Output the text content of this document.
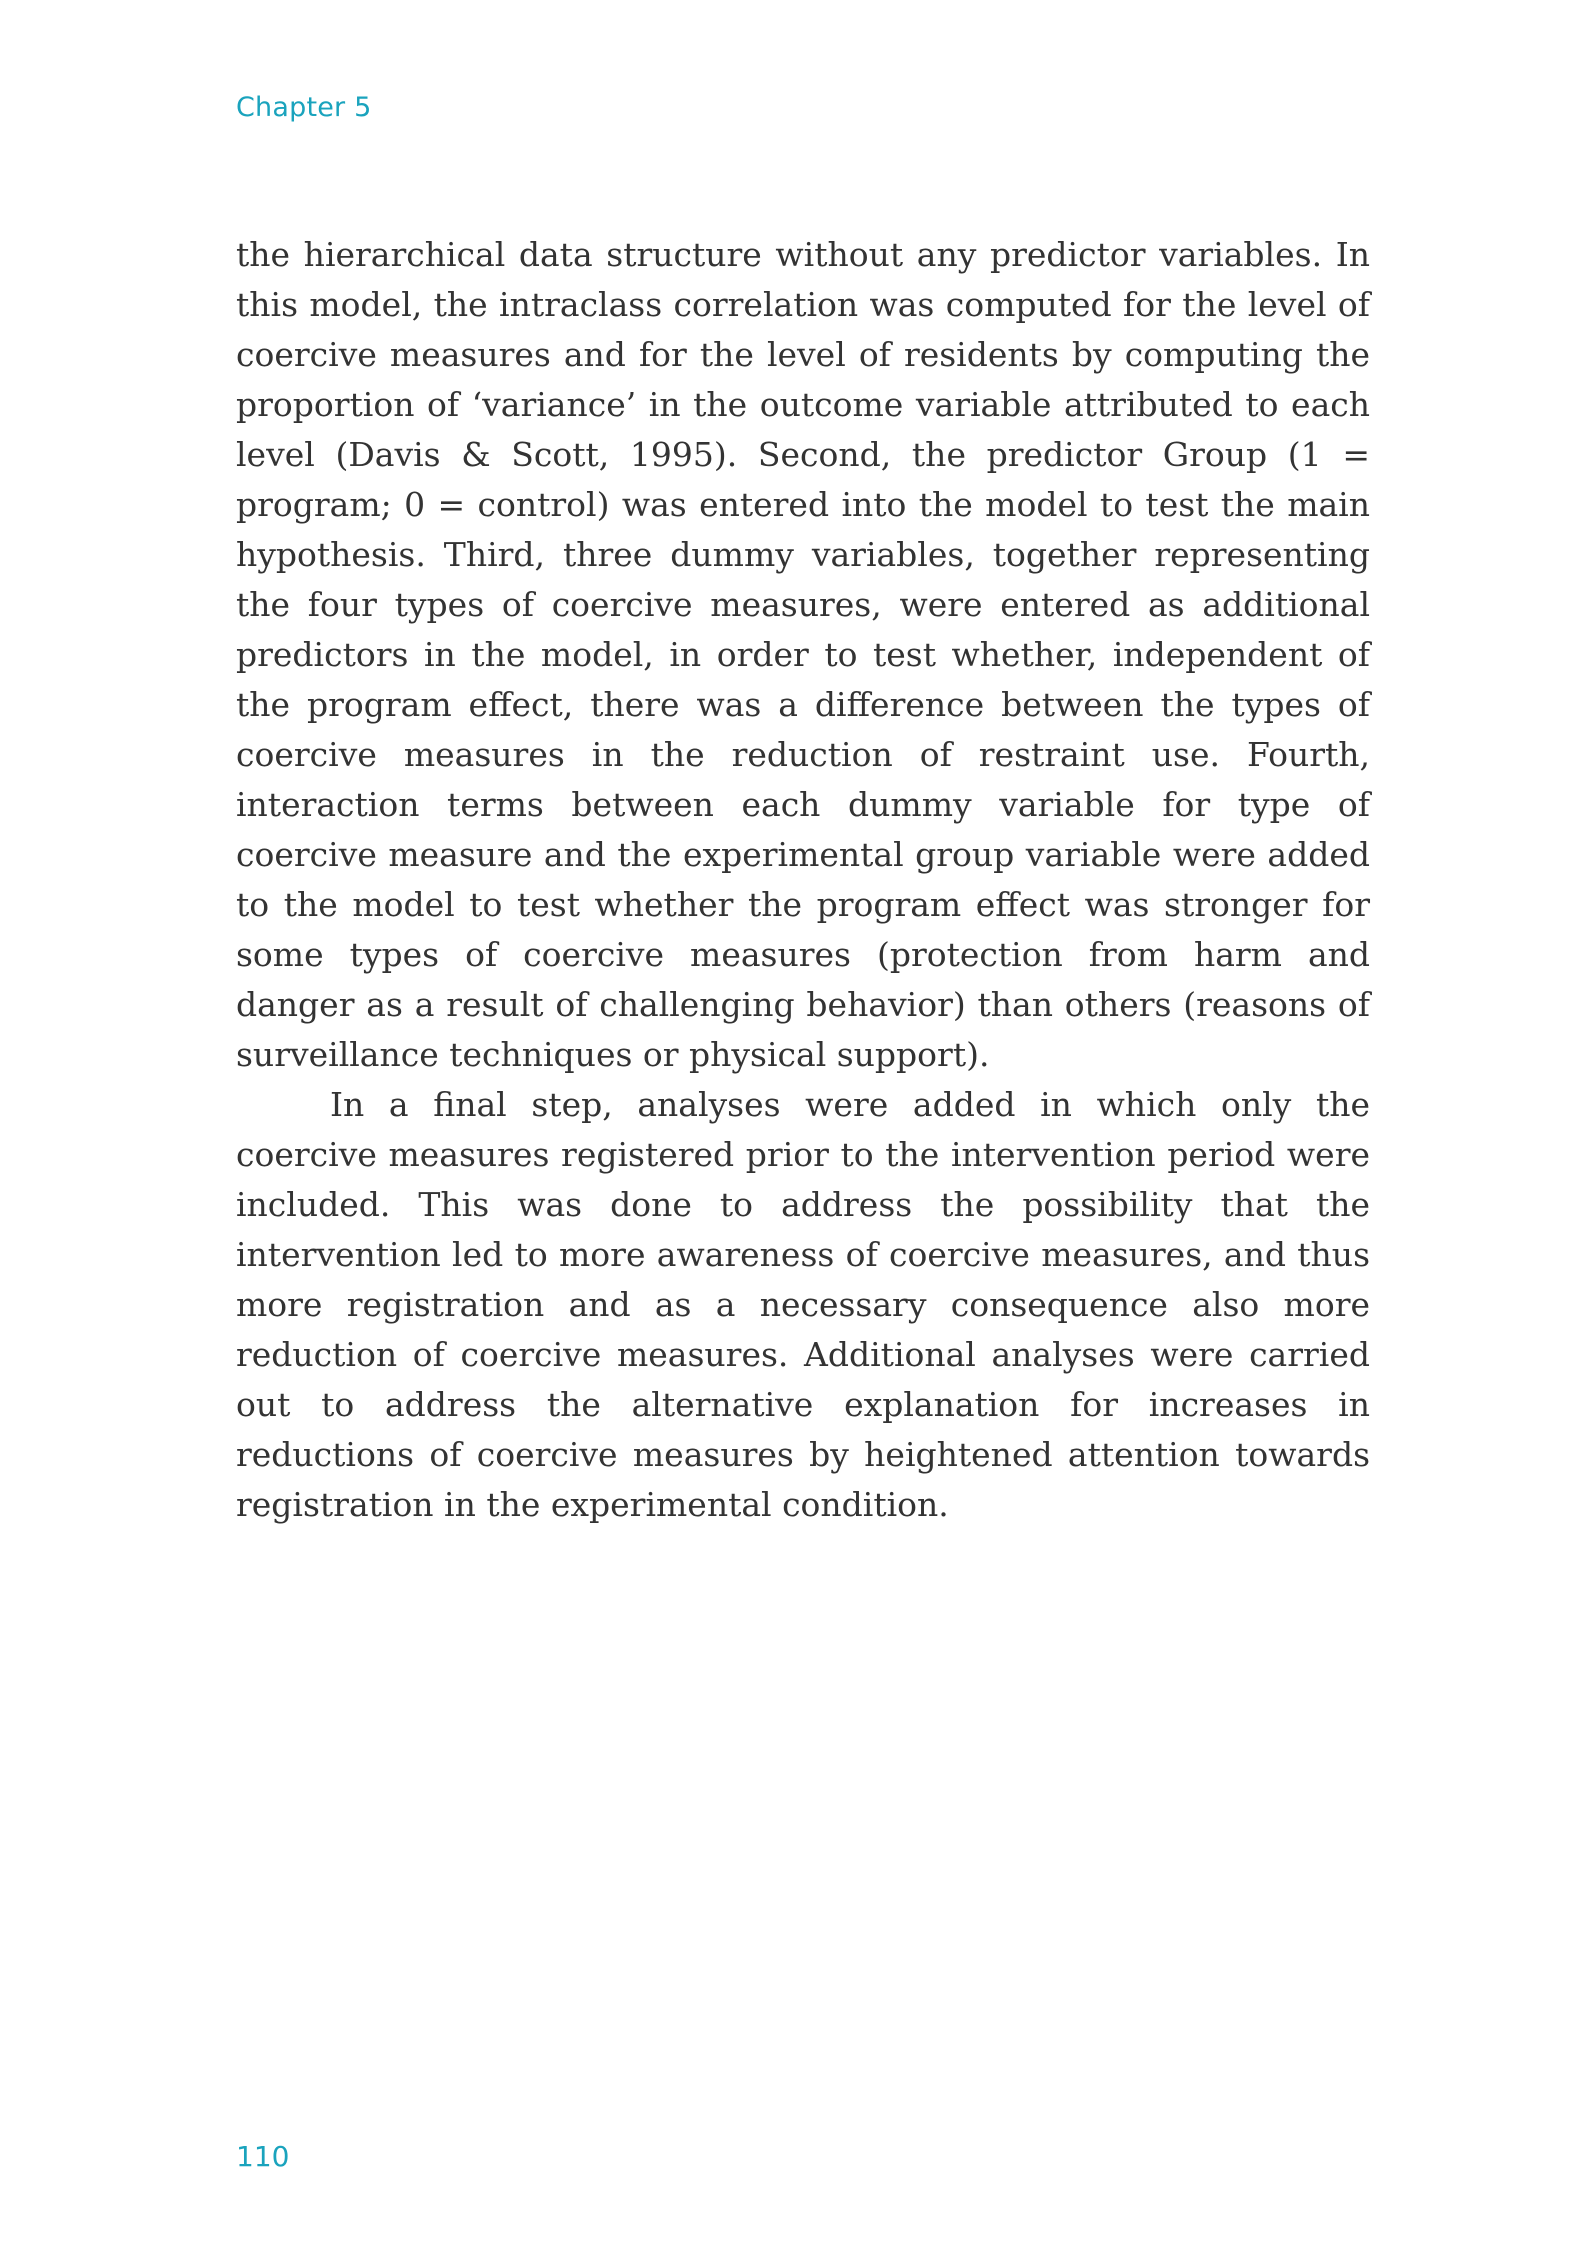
Chapter 5

the hierarchical data structure without any predictor variables. In this model, the intraclass correlation was computed for the level of coercive measures and for the level of residents by computing the proportion of ‘variance’ in the outcome variable attributed to each level (Davis & Scott, 1995). Second, the predictor Group (1 = program; 0 = control) was entered into the model to test the main hypothesis. Third, three dummy variables, together representing the four types of coercive measures, were entered as additional predictors in the model, in order to test whether, independent of the program effect, there was a difference between the types of coercive measures in the reduction of restraint use. Fourth, interaction terms between each dummy variable for type of coercive measure and the experimental group variable were added to the model to test whether the program effect was stronger for some types of coercive measures (protection from harm and danger as a result of challenging behavior) than others (reasons of surveillance techniques or physical support).

In a final step, analyses were added in which only the coercive measures registered prior to the intervention period were included. This was done to address the possibility that the intervention led to more awareness of coercive measures, and thus more registration and as a necessary consequence also more reduction of coercive measures. Additional analyses were carried out to address the alternative explanation for increases in reductions of coercive measures by heightened attention towards registration in the experimental condition.

110
